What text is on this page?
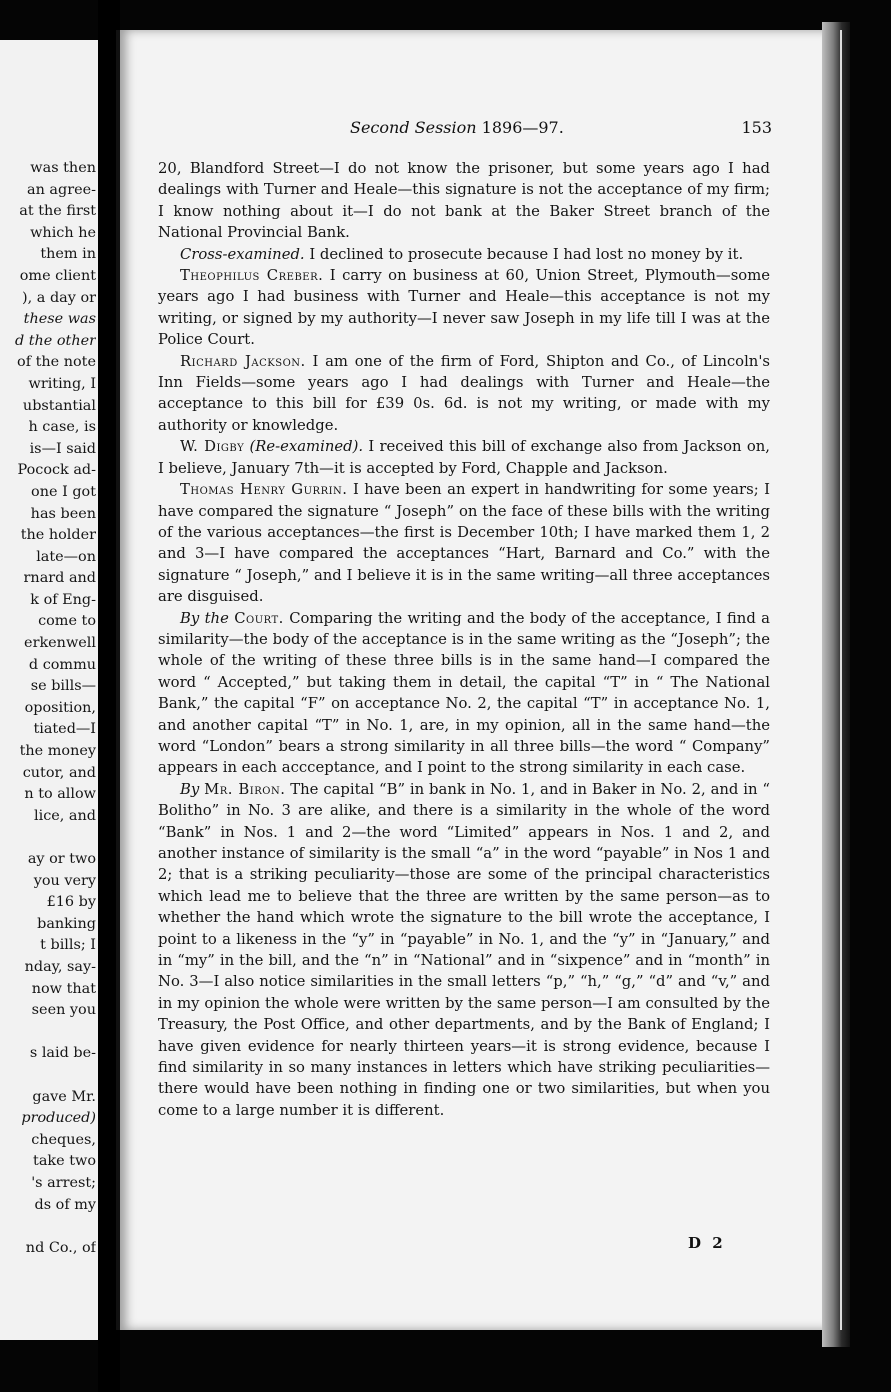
was then
an agree-
at the first
which he
them in
ome client
), a day or
these was
d the other
of the note
writing, I
ubstantial
h case, is
is—I said
Pocock ad-
one I got
has been
the holder
late—on
rnard and
k of Eng-
come to
erkenwell
d commu
se bills—
oposition,
tiated—I
the money
cutor, and
n to allow
lice, and
ay or two
you very
£16 by
banking
t bills; I
nday, say-
now that
seen you
s laid be-
gave Mr.
produced)
cheques,
take two
's arrest;
ds of my
nd Co., of
Second Session 1896—97.	153

20, Blandford Street—I do not know the prisoner, but some years ago I had dealings with Turner and Heale—this signature is not the acceptance of my firm; I know nothing about it—I do not bank at the Baker Street branch of the National Provincial Bank.

Cross-examined. I declined to prosecute because I had lost no money by it.

Theophilus Creber. I carry on business at 60, Union Street, Plymouth—some years ago I had business with Turner and Heale—this acceptance is not my writing, or signed by my authority—I never saw Joseph in my life till I was at the Police Court.

Richard Jackson. I am one of the firm of Ford, Shipton and Co., of Lincoln's Inn Fields—some years ago I had dealings with Turner and Heale—the acceptance to this bill for £39 0s. 6d. is not my writing, or made with my authority or knowledge.

W. Digby (Re-examined). I received this bill of exchange also from Jackson on, I believe, January 7th—it is accepted by Ford, Chapple and Jackson.

Thomas Henry Gurrin. I have been an expert in handwriting for some years; I have compared the signature “ Joseph” on the face of these bills with the writing of the various acceptances—the first is December 10th; I have marked them 1, 2 and 3—I have compared the acceptances “Hart, Barnard and Co.” with the signature “ Joseph,” and I believe it is in the same writing—all three acceptances are disguised.

By the Court. Comparing the writing and the body of the acceptance, I find a similarity—the body of the acceptance is in the same writing as the “Joseph”; the whole of the writing of these three bills is in the same hand—I compared the word “ Accepted,” but taking them in detail, the capital “T” in “ The National Bank,” the capital “F” on acceptance No. 2, the capital “T” in acceptance No. 1, and another capital “T” in No. 1, are, in my opinion, all in the same hand—the word “London” bears a strong similarity in all three bills—the word “ Company” appears in each accceptance, and I point to the strong similarity in each case.

By Mr. Biron. The capital “B” in bank in No. 1, and in Baker in No. 2, and in “ Bolitho” in No. 3 are alike, and there is a similarity in the whole of the word “Bank” in Nos. 1 and 2—the word “Limited” appears in Nos. 1 and 2, and another instance of similarity is the small “a” in the word “payable” in Nos 1 and 2; that is a striking peculiarity—those are some of the principal characteristics which lead me to believe that the three are written by the same person—as to whether the hand which wrote the signature to the bill wrote the acceptance, I point to a likeness in the “y” in “payable” in No. 1, and the “y” in “January,” and in “my” in the bill, and the “n” in “National” and in “sixpence” and in “month” in No. 3—I also notice similarities in the small letters “p,” “h,” “g,” “d” and “v,” and in my opinion the whole were written by the same person—I am consulted by the Treasury, the Post Office, and other departments, and by the Bank of England; I have given evidence for nearly thirteen years—it is strong evidence, because I find similarity in so many instances in letters which have striking peculiarities—there would have been nothing in finding one or two similarities, but when you come to a large number it is different.

D 2
